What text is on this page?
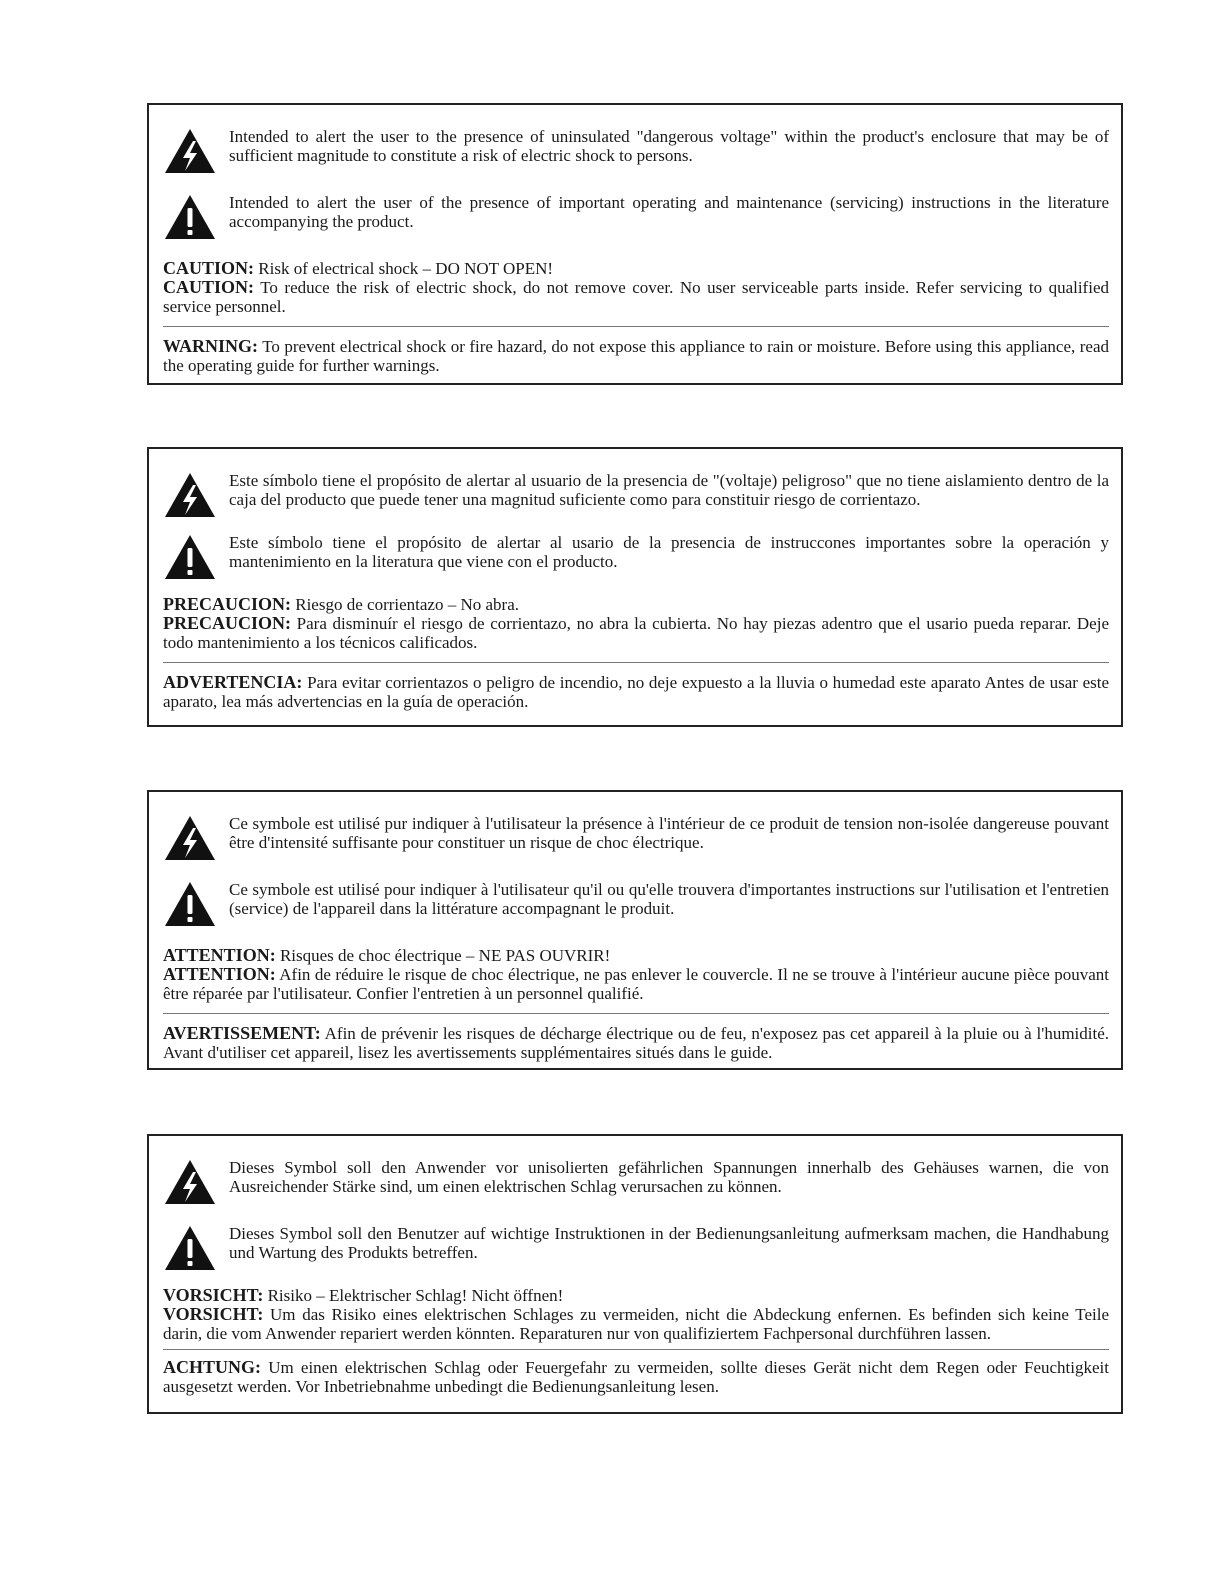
Intended to alert the user to the presence of uninsulated "dangerous voltage" within the product's enclosure that may be of sufficient magnitude to constitute a risk of electric shock to persons.
Intended to alert the user of the presence of important operating and maintenance (servicing) instructions in the literature accompanying the product.
CAUTION: Risk of electrical shock – DO NOT OPEN!
CAUTION: To reduce the risk of electric shock, do not remove cover. No user serviceable parts inside. Refer servicing to qualified service personnel.
WARNING: To prevent electrical shock or fire hazard, do not expose this appliance to rain or moisture. Before using this appliance, read the operating guide for further warnings.
Este símbolo tiene el propósito de alertar al usuario de la presencia de "(voltaje) peligroso" que no tiene aislamiento dentro de la caja del producto que puede tener una magnitud suficiente como para constituir riesgo de corrientazo.
Este símbolo tiene el propósito de alertar al usario de la presencia de instruccones importantes sobre la operación y mantenimiento en la literatura que viene con el producto.
PRECAUCION: Riesgo de corrientazo – No abra.
PRECAUCION: Para disminuír el riesgo de corrientazo, no abra la cubierta. No hay piezas adentro que el usario pueda reparar. Deje todo mantenimiento a los técnicos calificados.
ADVERTENCIA: Para evitar corrientazos o peligro de incendio, no deje expuesto a la lluvia o humedad este aparato Antes de usar este aparato, lea más advertencias en la guía de operación.
Ce symbole est utilisé pur indiquer à l'utilisateur la présence à l'intérieur de ce produit de tension non-isolée dangereuse pouvant être d'intensité suffisante pour constituer un risque de choc électrique.
Ce symbole est utilisé pour indiquer à l'utilisateur qu'il ou qu'elle trouvera d'importantes instructions sur l'utilisation et l'entretien (service) de l'appareil dans la littérature accompagnant le produit.
ATTENTION: Risques de choc électrique – NE PAS OUVRIR!
ATTENTION: Afin de réduire le risque de choc électrique, ne pas enlever le couvercle. Il ne se trouve à l'intérieur aucune pièce pouvant être réparée par l'utilisateur. Confier l'entretien à un personnel qualifié.
AVERTISSEMENT: Afin de prévenir les risques de décharge électrique ou de feu, n'exposez pas cet appareil à la pluie ou à l'humidité. Avant d'utiliser cet appareil, lisez les avertissements supplémentaires situés dans le guide.
Dieses Symbol soll den Anwender vor unisolierten gefährlichen Spannungen innerhalb des Gehäuses warnen, die von Ausreichender Stärke sind, um einen elektrischen Schlag verursachen zu können.
Dieses Symbol soll den Benutzer auf wichtige Instruktionen in der Bedienungsanleitung aufmerksam machen, die Handhabung und Wartung des Produkts betreffen.
VORSICHT: Risiko – Elektrischer Schlag! Nicht öffnen!
VORSICHT: Um das Risiko eines elektrischen Schlages zu vermeiden, nicht die Abdeckung enfernen. Es befinden sich keine Teile darin, die vom Anwender repariert werden könnten. Reparaturen nur von qualifiziertem Fachpersonal durchführen lassen.
ACHTUNG: Um einen elektrischen Schlag oder Feuergefahr zu vermeiden, sollte dieses Gerät nicht dem Regen oder Feuchtigkeit ausgesetzt werden. Vor Inbetriebnahme unbedingt die Bedienungsanleitung lesen.
